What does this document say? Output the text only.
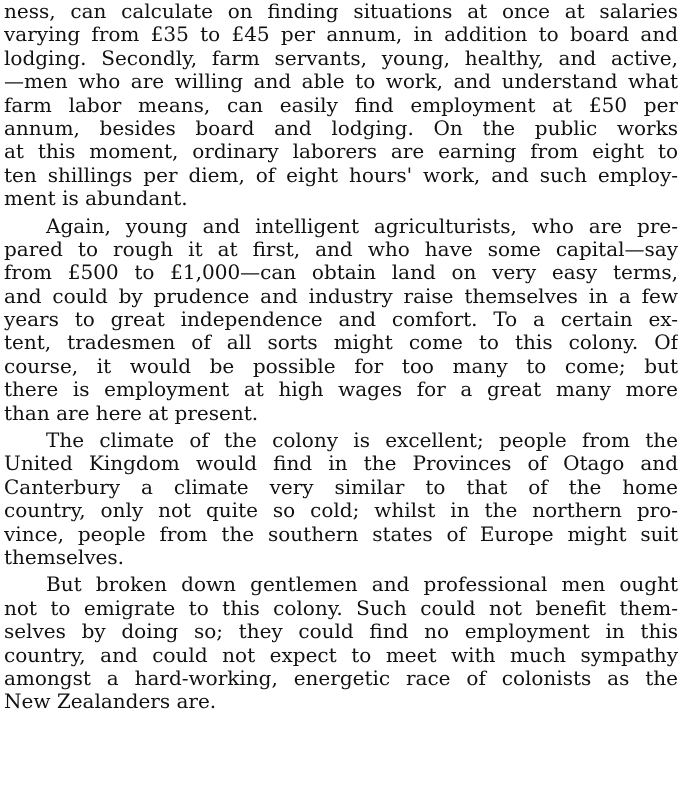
ness, can calculate on finding situations at once at salaries
varying from £35 to £45 per annum, in addition to board and
lodging. Secondly, farm servants, young, healthy, and active,
—men who are willing and able to work, and understand what
farm labor means, can easily find employment at £50 per
annum, besides board and lodging. On the public works
at this moment, ordinary laborers are earning from eight to
ten shillings per diem, of eight hours' work, and such employ-
ment is abundant.
Again, young and intelligent agriculturists, who are pre-
pared to rough it at first, and who have some capital—say
from £500 to £1,000—can obtain land on very easy terms,
and could by prudence and industry raise themselves in a few
years to great independence and comfort. To a certain ex-
tent, tradesmen of all sorts might come to this colony. Of
course, it would be possible for too many to come; but
there is employment at high wages for a great many more
than are here at present.
The climate of the colony is excellent; people from the
United Kingdom would find in the Provinces of Otago and
Canterbury a climate very similar to that of the home
country, only not quite so cold; whilst in the northern pro-
vince, people from the southern states of Europe might suit
themselves.
But broken down gentlemen and professional men ought
not to emigrate to this colony. Such could not benefit them-
selves by doing so; they could find no employment in this
country, and could not expect to meet with much sympathy
amongst a hard-working, energetic race of colonists as the
New Zealanders are.
